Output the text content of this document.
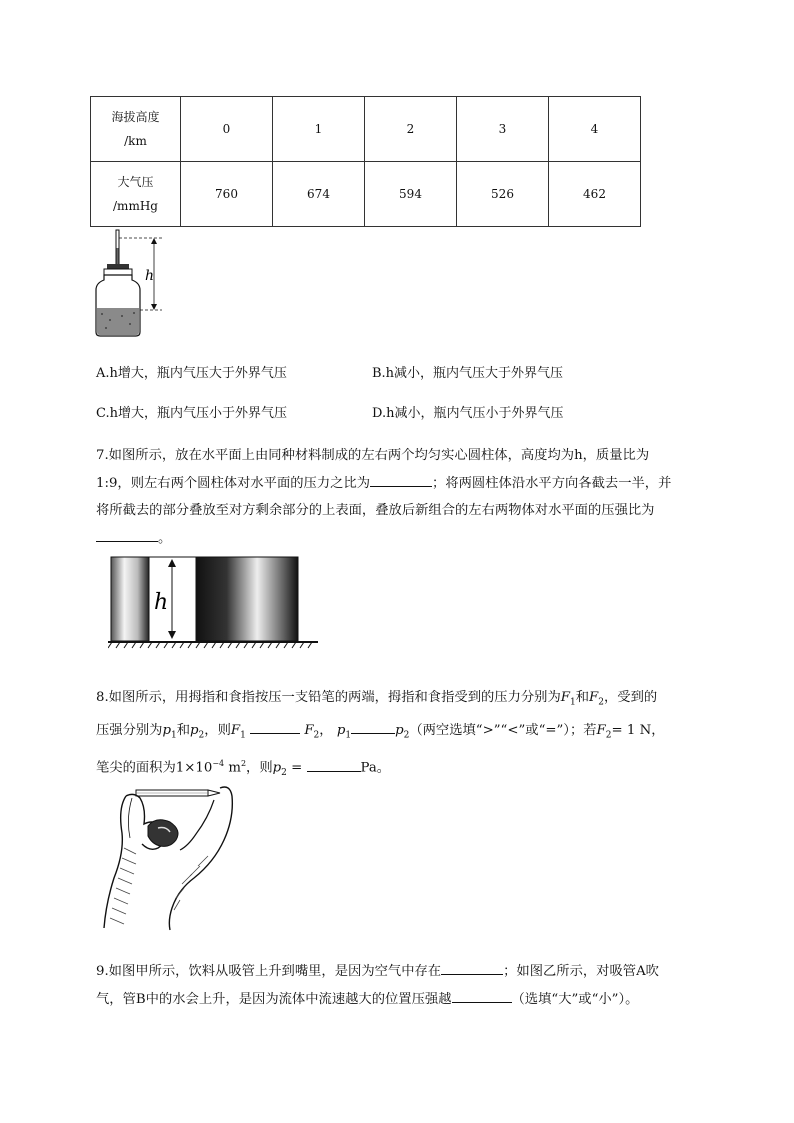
海拔高度
/km	0	1	2	3	4
大气压
/mmHg	760	674	594	526	462
h
A.h增大，瓶内气压大于外界气压	B.h减小，瓶内气压大于外界气压
C.h增大，瓶内气压小于外界气压	D.h减小，瓶内气压小于外界气压
7.如图所示，放在水平面上由同种材料制成的左右两个均匀实心圆柱体，高度均为h，质量比为
1:9，则左右两个圆柱体对水平面的压力之比为	；将两圆柱体沿水平方向各截去一半，并
将所截去的部分叠放至对方剩余部分的上表面，叠放后新组合的左右两物体对水平面的压强比为
。
h
8.如图所示，用拇指和食指按压一支铅笔的两端，拇指和食指受到的压力分别为$F_1$和$F_2$，受到的
压强分别为$p_1$和$p_2$，则$F_1$	$F_2$， $p_1$	$p_2$（两空选填“>”“<”或“=”）；若$F_2= 1$ N，
笔尖的面积为$1\times 10^{-4}$ $m^2$，则$p_2$ =	Pa。
9.如图甲所示，饮料从吸管上升到嘴里，是因为空气中存在	；如图乙所示，对吸管A吹
气，管B中的水会上升，是因为流体中流速越大的位置压强越	（选填“大”或“小”）。
